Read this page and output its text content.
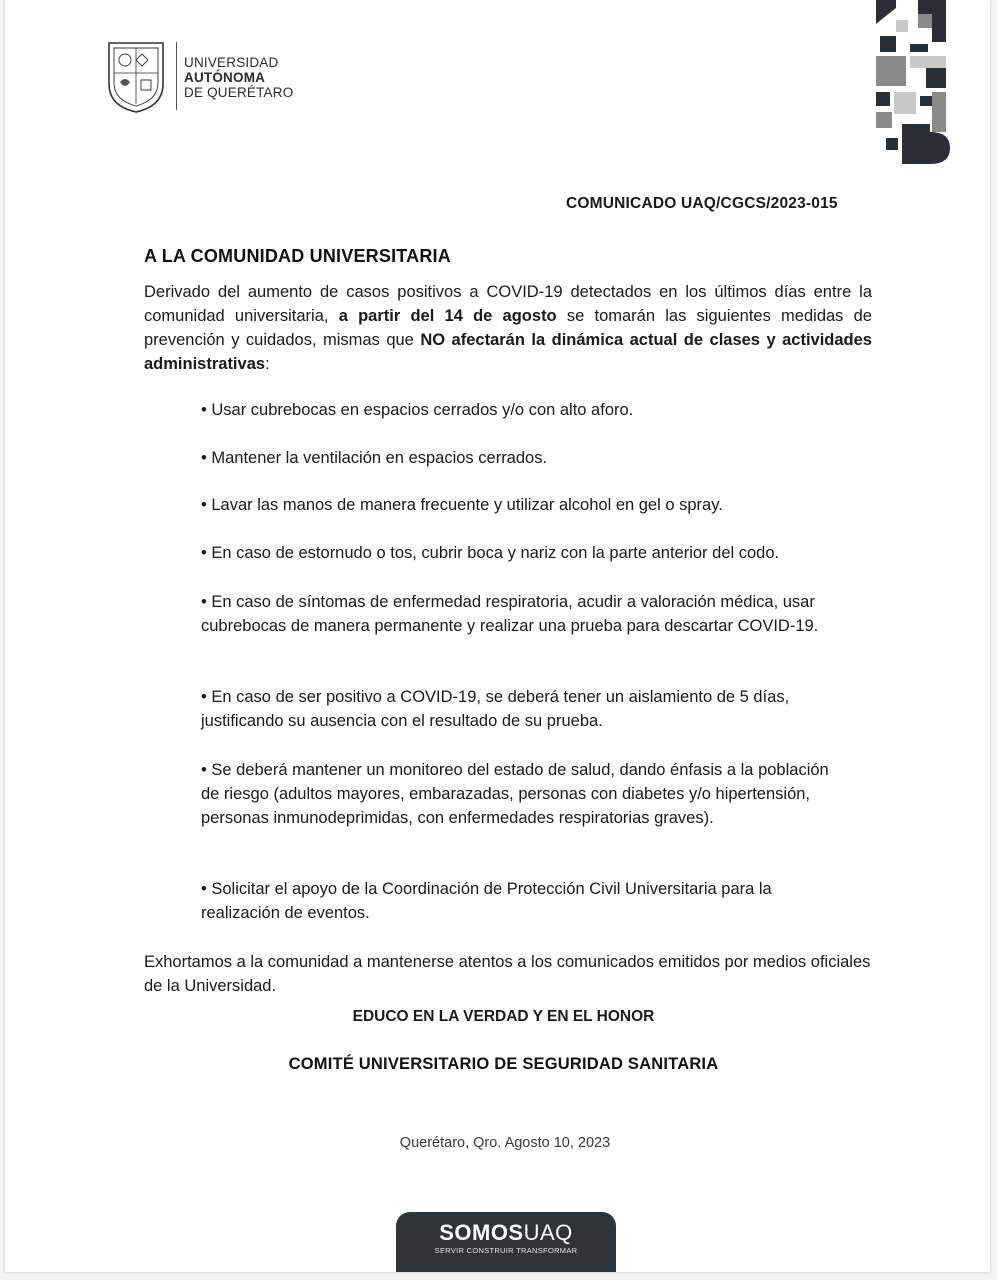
UNIVERSIDAD
AUTÓNOMA
DE QUERÉTARO
COMUNICADO UAQ/CGCS/2023-015
A LA COMUNIDAD UNIVERSITARIA
Derivado del aumento de casos positivos a COVID-19 detectados en los últimos días entre la comunidad universitaria, a partir del 14 de agosto se tomarán las siguientes medidas de prevención y cuidados, mismas que NO afectarán la dinámica actual de clases y actividades administrativas:
• Usar cubrebocas en espacios cerrados y/o con alto aforo.
• Mantener la ventilación en espacios cerrados.
• Lavar las manos de manera frecuente y utilizar alcohol en gel o spray.
• En caso de estornudo o tos, cubrir boca y nariz con la parte anterior del codo.
• En caso de síntomas de enfermedad respiratoria, acudir a valoración médica, usar cubrebocas de manera permanente y realizar una prueba para descartar COVID-19.
• En caso de ser positivo a COVID-19, se deberá tener un aislamiento de 5 días, justificando su ausencia con el resultado de su prueba.
• Se deberá mantener un monitoreo del estado de salud, dando énfasis a la población de riesgo (adultos mayores, embarazadas, personas con diabetes y/o hipertensión, personas inmunodeprimidas, con enfermedades respiratorias graves).
• Solicitar el apoyo de la Coordinación de Protección Civil Universitaria para la realización de eventos.
Exhortamos a la comunidad a mantenerse atentos a los comunicados emitidos por medios oficiales de la Universidad.
EDUCO EN LA VERDAD Y EN EL HONOR
COMITÉ UNIVERSITARIO DE SEGURIDAD SANITARIA
Querétaro, Qro. Agosto 10, 2023
SOMOSUAQ
SERVIR CONSTRUIR TRANSFORMAR
